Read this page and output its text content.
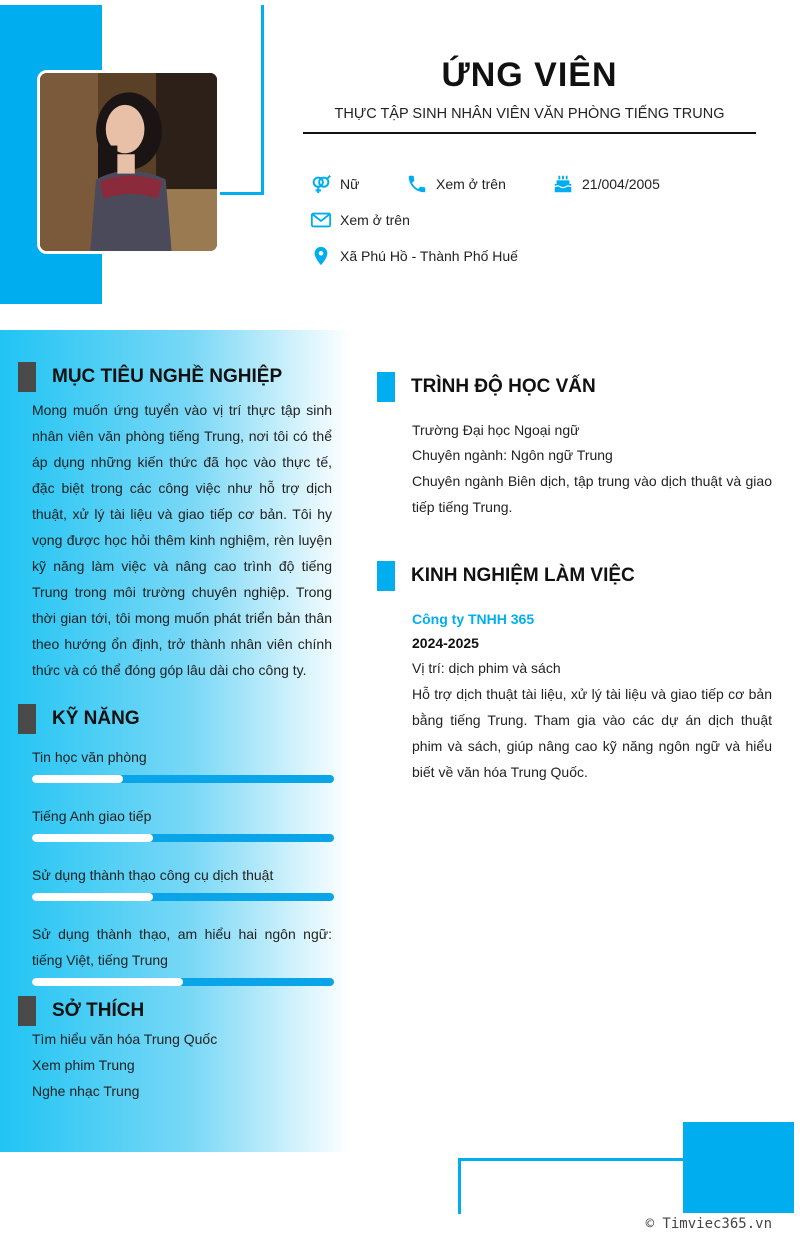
ỨNG VIÊN
THỰC TẬP SINH NHÂN VIÊN VĂN PHÒNG TIẾNG TRUNG
Nữ	Xem ở trên	21/004/2005
Xem ở trên
Xã Phú Hồ - Thành Phố Huế
MỤC TIÊU NGHỀ NGHIỆP
Mong muốn ứng tuyển vào vị trí thực tập sinh nhân viên văn phòng tiếng Trung, nơi tôi có thể áp dụng những kiến thức đã học vào thực tế, đặc biệt trong các công việc như hỗ trợ dịch thuật, xử lý tài liệu và giao tiếp cơ bản. Tôi hy vọng được học hỏi thêm kinh nghiệm, rèn luyện kỹ năng làm việc và nâng cao trình độ tiếng Trung trong môi trường chuyên nghiệp. Trong thời gian tới, tôi mong muốn phát triển bản thân theo hướng ổn định, trở thành nhân viên chính thức và có thể đóng góp lâu dài cho công ty.
KỸ NĂNG
Tin học văn phòng
Tiếng Anh giao tiếp
Sử dụng thành thạo công cụ dịch thuật
Sử dụng thành thạo, am hiểu hai ngôn ngữ: tiếng Việt, tiếng Trung
SỞ THÍCH
Tìm hiểu văn hóa Trung Quốc
Xem phim Trung
Nghe nhạc Trung
TRÌNH ĐỘ HỌC VẤN
Trường Đại học Ngoại ngữ
Chuyên ngành: Ngôn ngữ Trung
Chuyên ngành Biên dịch, tập trung vào dịch thuật và giao tiếp tiếng Trung.
KINH NGHIỆM LÀM VIỆC
Công ty TNHH 365
2024-2025
Vị trí: dịch phim và sách
Hỗ trợ dịch thuật tài liệu, xử lý tài liệu và giao tiếp cơ bản bằng tiếng Trung. Tham gia vào các dự án dịch thuật phim và sách, giúp nâng cao kỹ năng ngôn ngữ và hiểu biết về văn hóa Trung Quốc.
© Timviec365.vn
